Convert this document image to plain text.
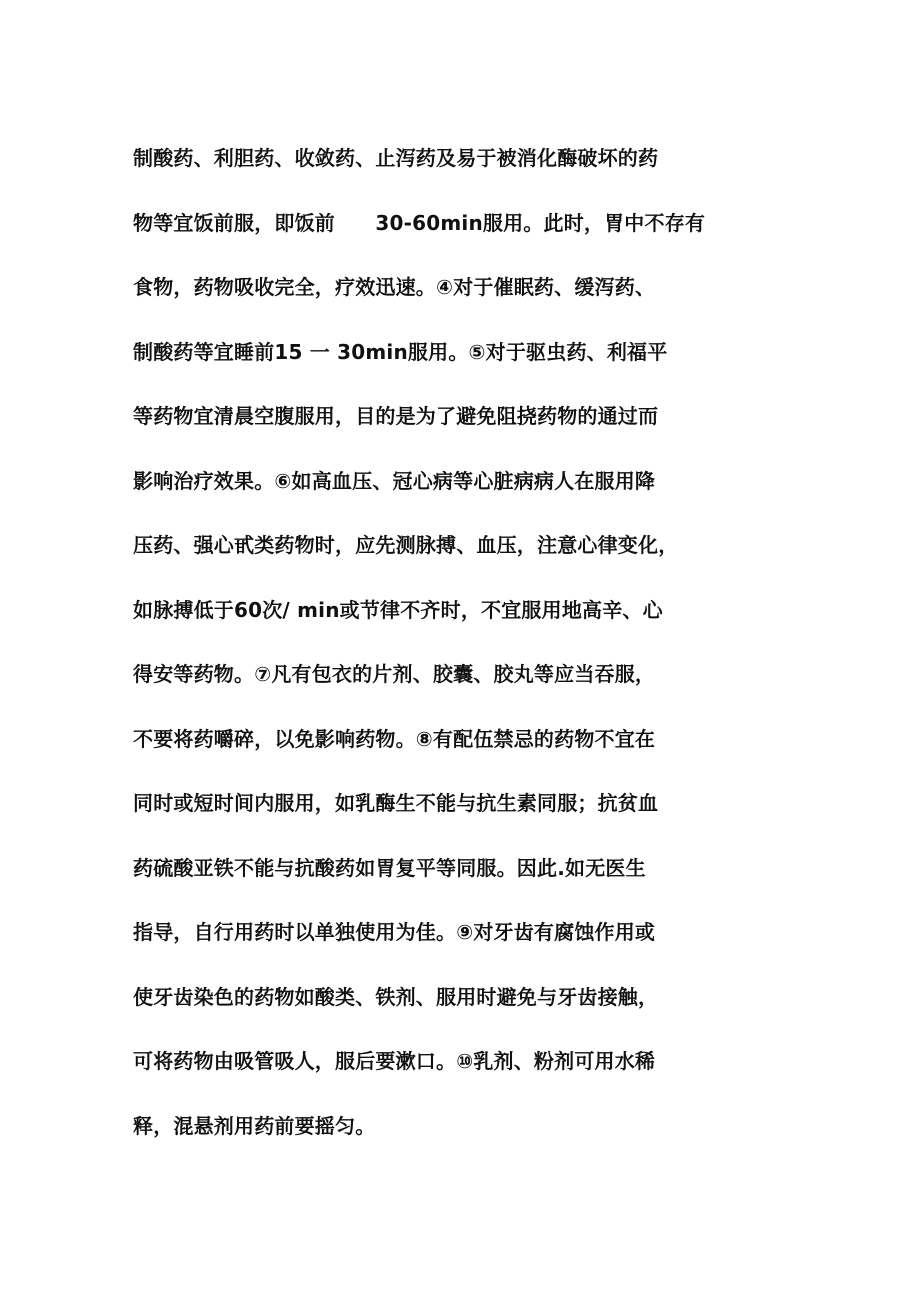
制酸药、利胆药、收敛药、止泻药及易于被消化酶破坏的药
物等宜饭前服，即饭前　　30-60min服用。此时，胃中不存有
食物，药物吸收完全，疗效迅速。④对于催眠药、缓泻药、
制酸药等宜睡前15 一 30min服用。⑤对于驱虫药、利福平
等药物宜清晨空腹服用，目的是为了避免阻挠药物的通过而
影响治疗效果。⑥如高血压、冠心病等心脏病病人在服用降
压药、强心甙类药物时，应先测脉搏、血压，注意心律变化，
如脉搏低于60次/ min或节律不齐时，不宜服用地高辛、心
得安等药物。⑦凡有包衣的片剂、胶囊、胶丸等应当吞服，
不要将药嚼碎，以免影响药物。⑧有配伍禁忌的药物不宜在
同时或短时间内服用，如乳酶生不能与抗生素同服；抗贫血
药硫酸亚铁不能与抗酸药如胃复平等同服。因此.如无医生
指导，自行用药时以单独使用为佳。⑨对牙齿有腐蚀作用或
使牙齿染色的药物如酸类、铁剂、服用时避免与牙齿接触，
可将药物由吸管吸人，服后要漱口。⑩乳剂、粉剂可用水稀
释，混悬剂用药前要摇匀。
